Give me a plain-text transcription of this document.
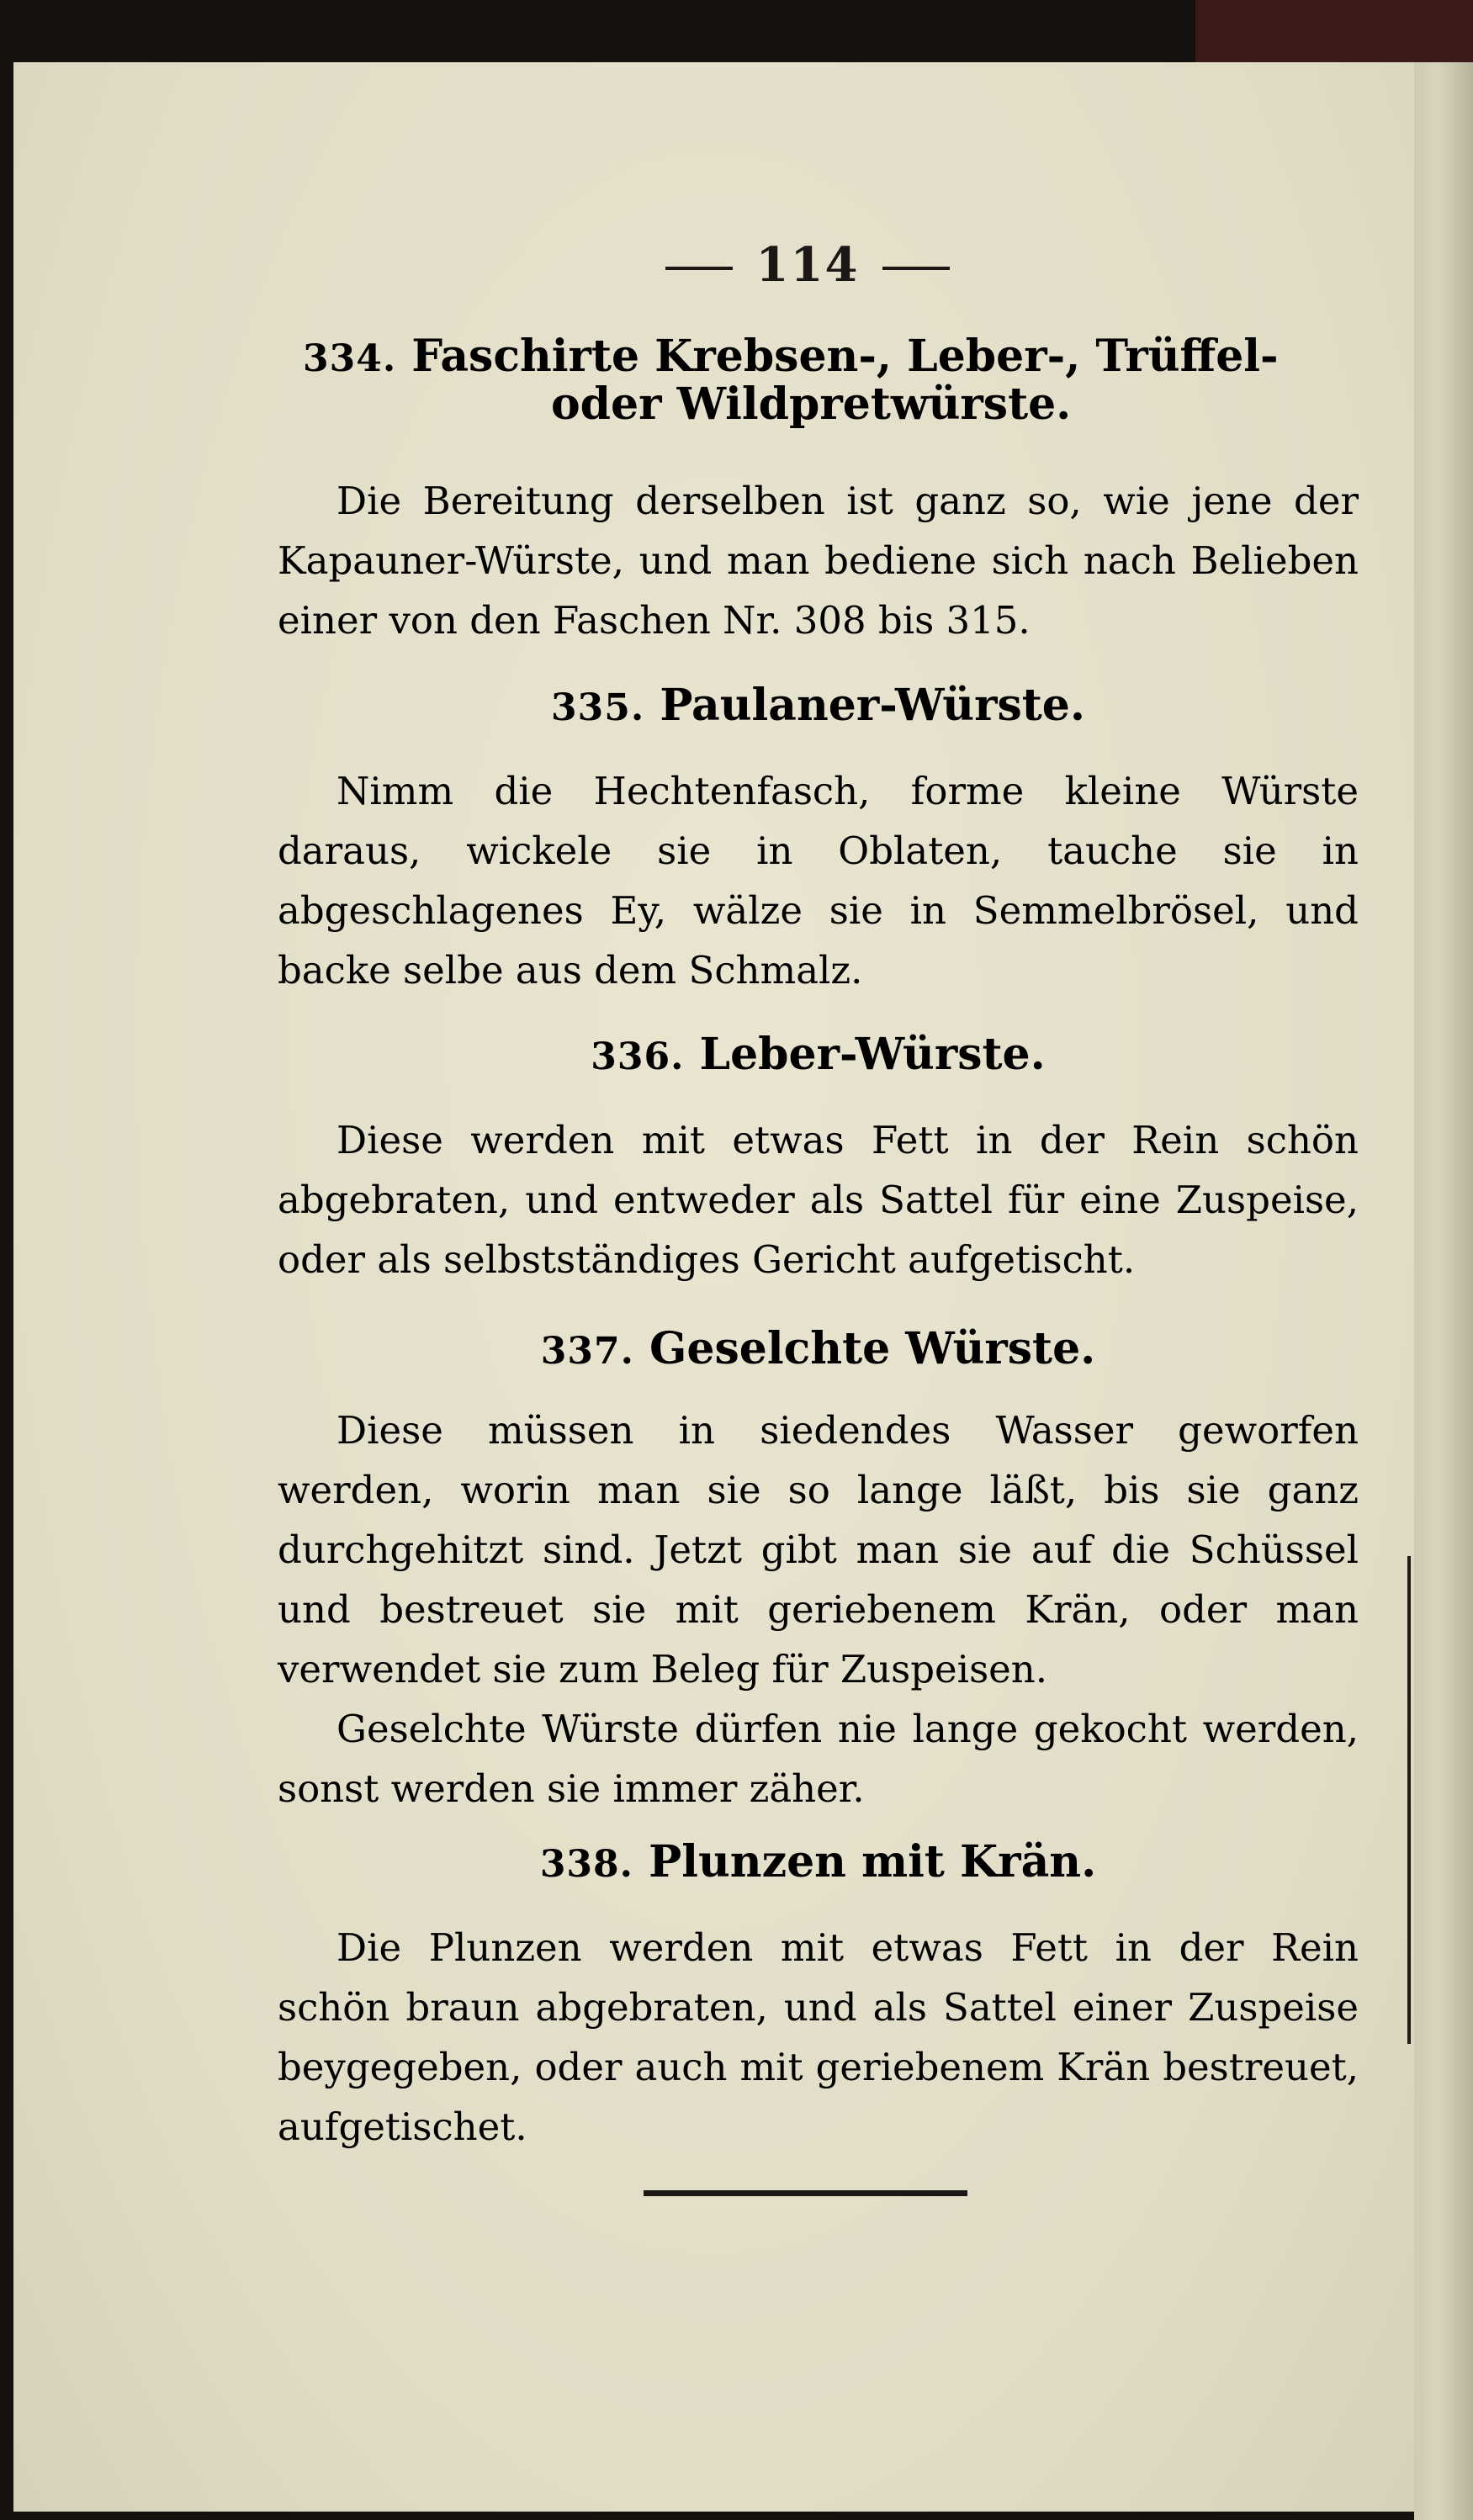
114
334. Faschirte Krebsen-, Leber-, Trüffel-
oder Wildpretwürste.

Die Bereitung derselben ist ganz so, wie jene der Kapauner-Würste, und man bediene sich nach Belieben einer von den Faschen Nr. 308 bis 315.

335. Paulaner-Würste.

Nimm die Hechtenfasch, forme kleine Würste daraus, wickele sie in Oblaten, tauche sie in abgeschlagenes Ey, wälze sie in Semmelbrösel, und backe selbe aus dem Schmalz.

336. Leber-Würste.

Diese werden mit etwas Fett in der Rein schön abgebraten, und entweder als Sattel für eine Zuspeise, oder als selbstständiges Gericht aufgetischt.

337. Geselchte Würste.

Diese müssen in siedendes Wasser geworfen werden, worin man sie so lange läßt, bis sie ganz durchgehitzt sind. Jetzt gibt man sie auf die Schüssel und bestreuet sie mit geriebenem Krän, oder man verwendet sie zum Beleg für Zuspeisen.

Geselchte Würste dürfen nie lange gekocht werden, sonst werden sie immer zäher.

338. Plunzen mit Krän.

Die Plunzen werden mit etwas Fett in der Rein schön braun abgebraten, und als Sattel einer Zuspeise beygegeben, oder auch mit geriebenem Krän bestreuet, aufgetischet.
